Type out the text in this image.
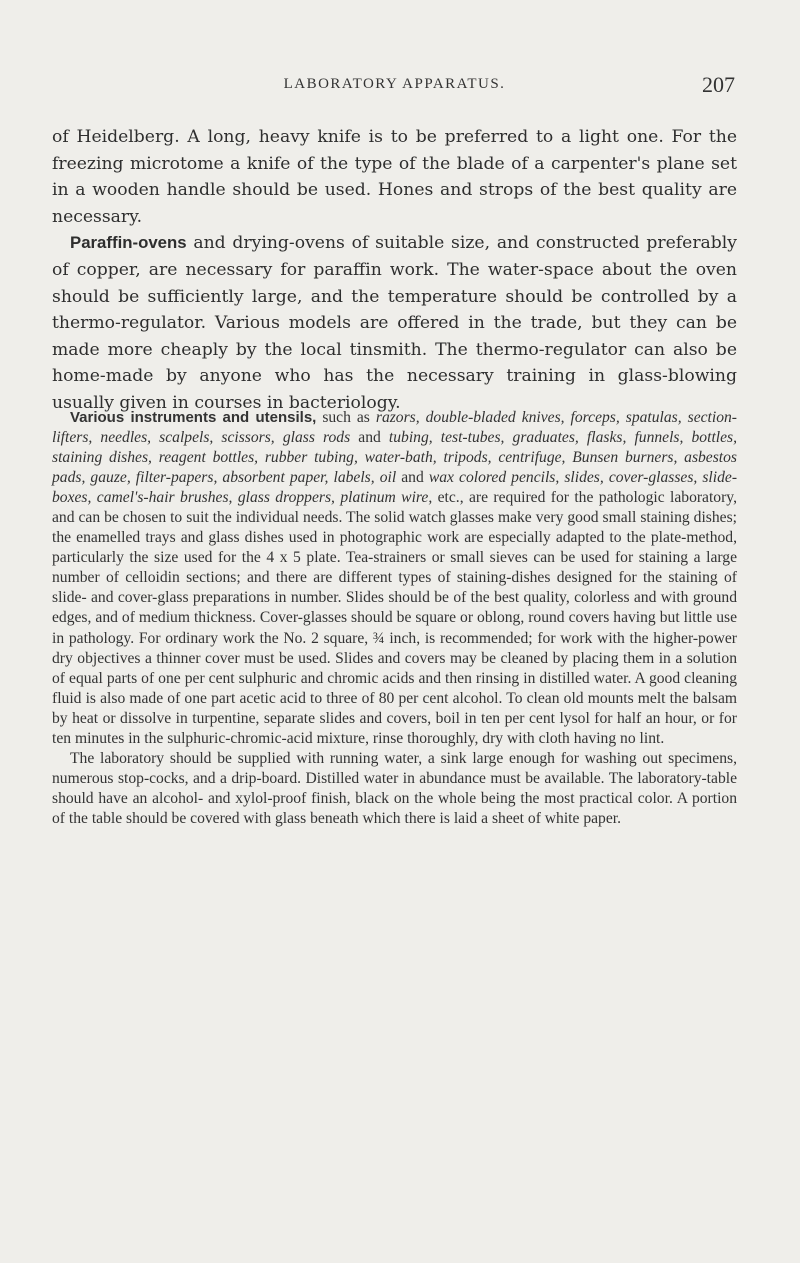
LABORATORY APPARATUS.	207

of Heidelberg. A long, heavy knife is to be preferred to a light one. For the freezing microtome a knife of the type of the blade of a carpenter's plane set in a wooden handle should be used. Hones and strops of the best quality are necessary.

Paraffin-ovens and drying-ovens of suitable size, and constructed preferably of copper, are necessary for paraffin work. The water-space about the oven should be sufficiently large, and the temperature should be controlled by a thermo-regulator. Various models are offered in the trade, but they can be made more cheaply by the local tinsmith. The thermo-regulator can also be home-made by anyone who has the necessary training in glass-blowing usually given in courses in bacteriology.

Various instruments and utensils, such as razors, double-bladed knives, forceps, spatulas, section-lifters, needles, scalpels, scissors, glass rods and tubing, test-tubes, graduates, flasks, funnels, bottles, staining dishes, reagent bottles, rubber tubing, water-bath, tripods, centrifuge, Bunsen burners, asbestos pads, gauze, filter-papers, absorbent paper, labels, oil and wax colored pencils, slides, cover-glasses, slide-boxes, camel's-hair brushes, glass droppers, platinum wire, etc., are required for the pathologic laboratory, and can be chosen to suit the individual needs. The solid watch glasses make very good small staining dishes; the enamelled trays and glass dishes used in photographic work are especially adapted to the plate-method, particularly the size used for the 4 x 5 plate. Tea-strainers or small sieves can be used for staining a large number of celloidin sections; and there are different types of staining-dishes designed for the staining of slide- and cover-glass preparations in number. Slides should be of the best quality, colorless and with ground edges, and of medium thickness. Cover-glasses should be square or oblong, round covers having but little use in pathology. For ordinary work the No. 2 square, ¾ inch, is recommended; for work with the higher-power dry objectives a thinner cover must be used. Slides and covers may be cleaned by placing them in a solution of equal parts of one per cent sulphuric and chromic acids and then rinsing in distilled water. A good cleaning fluid is also made of one part acetic acid to three of 80 per cent alcohol. To clean old mounts melt the balsam by heat or dissolve in turpentine, separate slides and covers, boil in ten per cent lysol for half an hour, or for ten minutes in the sulphuric-chromic-acid mixture, rinse thoroughly, dry with cloth having no lint.

The laboratory should be supplied with running water, a sink large enough for washing out specimens, numerous stop-cocks, and a drip-board. Distilled water in abundance must be available. The laboratory-table should have an alcohol- and xylol-proof finish, black on the whole being the most practical color. A portion of the table should be covered with glass beneath which there is laid a sheet of white paper.
